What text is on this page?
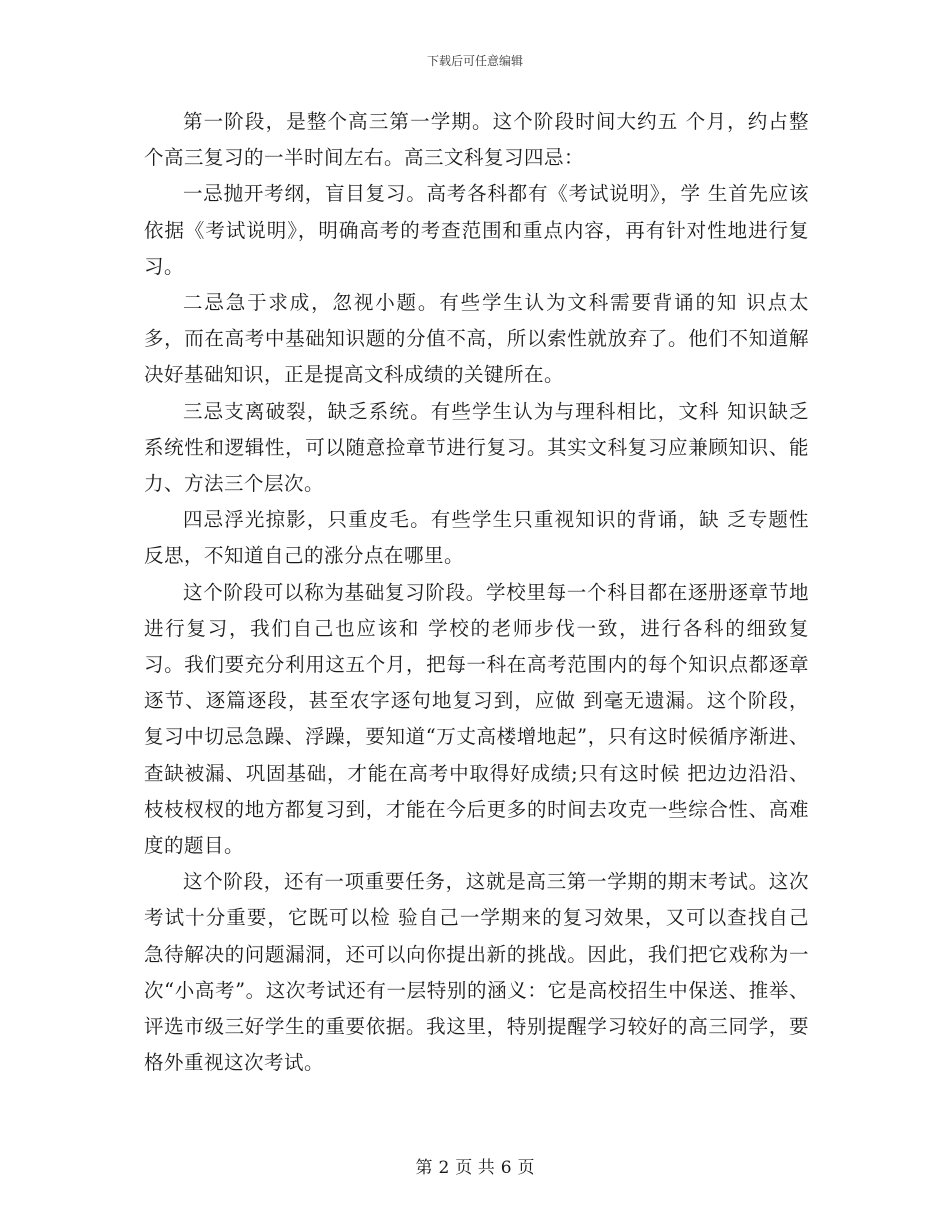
下载后可任意编辑

第一阶段，是整个高三第一学期。这个阶段时间大约五 个月，约占整个高三复习的一半时间左右。高三文科复习四忌：

一忌抛开考纲，盲目复习。高考各科都有《考试说明》，学 生首先应该依据《考试说明》，明确高考的考查范围和重点内容，再有针对性地进行复习。

二忌急于求成，忽视小题。有些学生认为文科需要背诵的知 识点太多，而在高考中基础知识题的分值不高，所以索性就放弃了。他们不知道解决好基础知识，正是提高文科成绩的关键所在。

三忌支离破裂，缺乏系统。有些学生认为与理科相比，文科 知识缺乏系统性和逻辑性，可以随意捡章节进行复习。其实文科复习应兼顾知识、能力、方法三个层次。

四忌浮光掠影，只重皮毛。有些学生只重视知识的背诵，缺 乏专题性反思，不知道自己的涨分点在哪里。

这个阶段可以称为基础复习阶段。学校里每一个科目都在逐册逐章节地进行复习，我们自己也应该和 学校的老师步伐一致，进行各科的细致复习。我们要充分利用这五个月，把每一科在高考范围内的每个知识点都逐章逐节、逐篇逐段，甚至农字逐句地复习到，应做 到毫无遗漏。这个阶段，复习中切忌急躁、浮躁，要知道“万丈高楼增地起”，只有这时候循序渐进、查缺被漏、巩固基础，才能在高考中取得好成绩;只有这时候 把边边沿沿、枝枝杈杈的地方都复习到，才能在今后更多的时间去攻克一些综合性、高难度的题目。

这个阶段，还有一项重要任务，这就是高三第一学期的期末考试。这次考试十分重要，它既可以检 验自己一学期来的复习效果，又可以查找自己急待解决的问题漏洞，还可以向你提出新的挑战。因此，我们把它戏称为一次“小高考”。这次考试还有一层特别的涵义：它是高校招生中保送、推举、评选市级三好学生的重要依据。我这里，特别提醒学习较好的高三同学，要格外重视这次考试。

第 2 页 共 6 页
